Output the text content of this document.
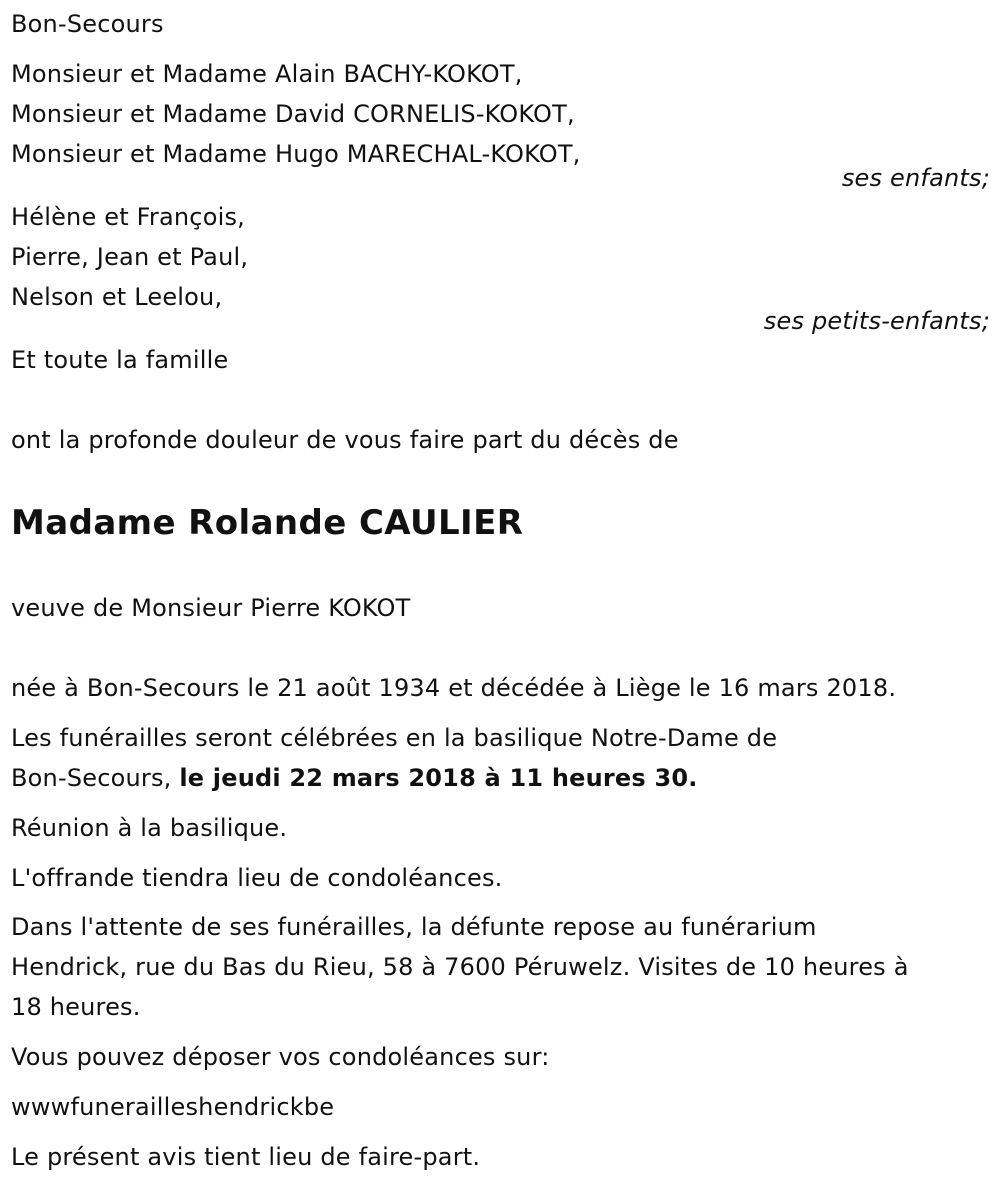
Bon-Secours
Monsieur et Madame Alain BACHY-KOKOT,
Monsieur et Madame David CORNELIS-KOKOT,
Monsieur et Madame Hugo MARECHAL-KOKOT,
ses enfants;
Hélène et François,
Pierre, Jean et Paul,
Nelson et Leelou,
ses petits-enfants;
Et toute la famille
ont la profonde douleur de vous faire part du décès de
Madame Rolande CAULIER
veuve de Monsieur Pierre KOKOT
née à Bon-Secours le 21 août 1934 et décédée à Liège le 16 mars 2018.
Les funérailles seront célébrées en la basilique Notre-Dame de
Bon-Secours, le jeudi 22 mars 2018 à 11 heures 30.
Réunion à la basilique.
L'offrande tiendra lieu de condoléances.
Dans l'attente de ses funérailles, la défunte repose au funérarium
Hendrick, rue du Bas du Rieu, 58 à 7600 Péruwelz. Visites de 10 heures à
18 heures.
Vous pouvez déposer vos condoléances sur:
wwwfunerailleshendrickbe
Le présent avis tient lieu de faire-part.
